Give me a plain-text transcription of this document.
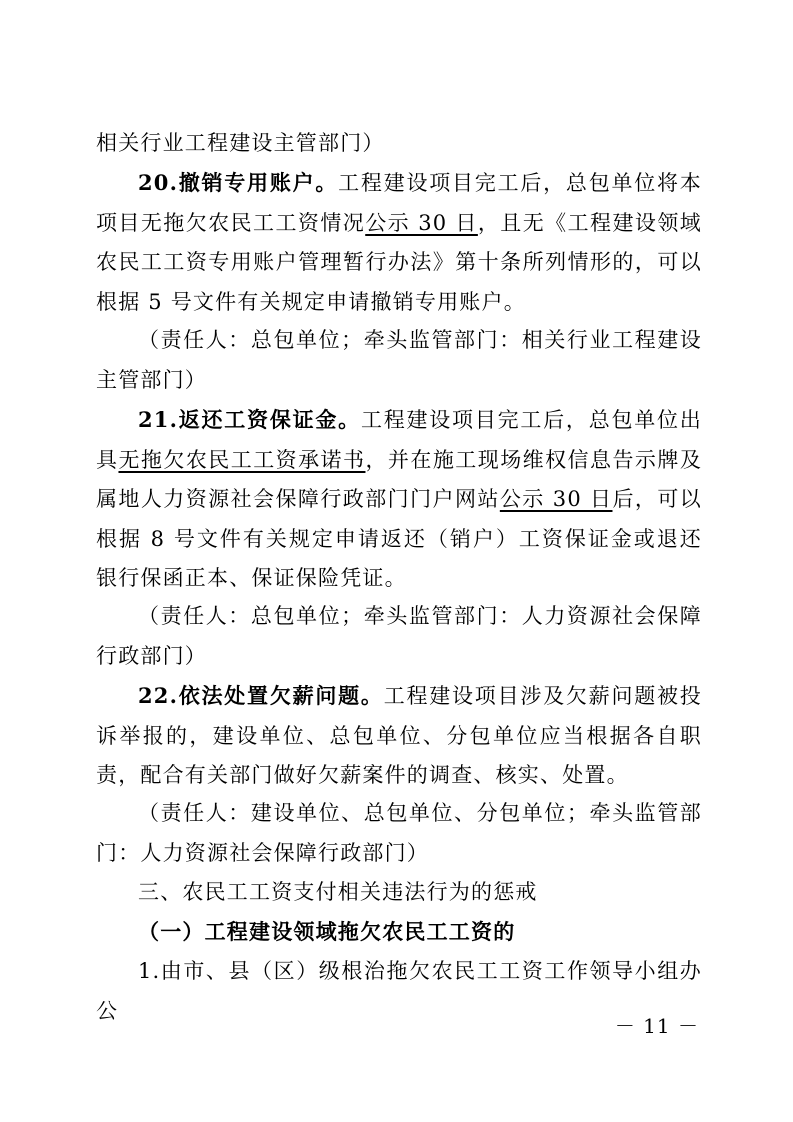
相关行业工程建设主管部门）
20.撤销专用账户。工程建设项目完工后，总包单位将本项目无拖欠农民工工资情况公示 30 日，且无《工程建设领域农民工工资专用账户管理暂行办法》第十条所列情形的，可以根据 5 号文件有关规定申请撤销专用账户。
（责任人：总包单位；牵头监管部门：相关行业工程建设主管部门）
21.返还工资保证金。工程建设项目完工后，总包单位出具无拖欠农民工工资承诺书，并在施工现场维权信息告示牌及属地人力资源社会保障行政部门门户网站公示 30 日后，可以根据 8 号文件有关规定申请返还（销户）工资保证金或退还银行保函正本、保证保险凭证。
（责任人：总包单位；牵头监管部门：人力资源社会保障行政部门）
22.依法处置欠薪问题。工程建设项目涉及欠薪问题被投诉举报的，建设单位、总包单位、分包单位应当根据各自职责，配合有关部门做好欠薪案件的调查、核实、处置。
（责任人：建设单位、总包单位、分包单位；牵头监管部门：人力资源社会保障行政部门）
三、农民工工资支付相关违法行为的惩戒
（一）工程建设领域拖欠农民工工资的
1.由市、县（区）级根治拖欠农民工工资工作领导小组办公
－ 11 －
